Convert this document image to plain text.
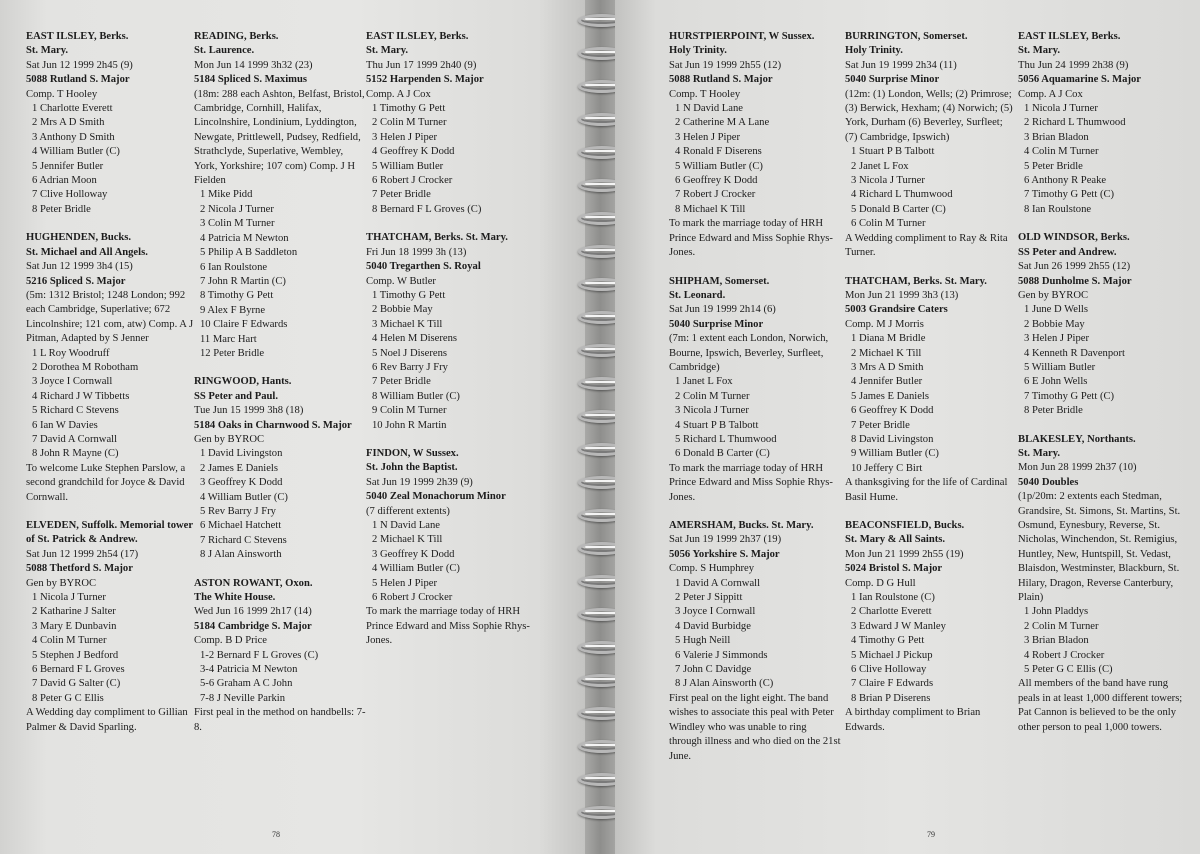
EAST ILSLEY, Berks.
St. Mary.
Sat Jun 12 1999 2h45 (9)
5088 Rutland S. Major
Comp. T Hooley
1 Charlotte Everett
2 Mrs A D Smith
3 Anthony D Smith
4 William Butler (C)
5 Jennifer Butler
6 Adrian Moon
7 Clive Holloway
8 Peter Bridle
HUGHENDEN, Bucks.
St. Michael and All Angels.
Sat Jun 12 1999 3h4 (15)
5216 Spliced S. Major
(5m: 1312 Bristol; 1248 London; 992 each Cambridge, Superlative; 672 Lincolnshire; 121 com, atw) Comp. A J Pitman, Adapted by S Jenner
1 L Roy Woodruff
2 Dorothea M Robotham
3 Joyce I Cornwall
4 Richard J W Tibbetts
5 Richard C Stevens
6 Ian W Davies
7 David A Cornwall
8 John R Mayne (C)
To welcome Luke Stephen Parslow, a second grandchild for Joyce & David Cornwall.
ELVEDEN, Suffolk. Memorial tower of St. Patrick & Andrew.
Sat Jun 12 1999 2h54 (17)
5088 Thetford S. Major
Gen by BYROC
1 Nicola J Turner
2 Katharine J Salter
3 Mary E Dunbavin
4 Colin M Turner
5 Stephen J Bedford
6 Bernard F L Groves
7 David G Salter (C)
8 Peter G C Ellis
A Wedding day compliment to Gillian Palmer & David Sparling.
READING, Berks.
St. Laurence.
Mon Jun 14 1999 3h32 (23)
5184 Spliced S. Maximus
(18m: 288 each Ashton, Belfast, Bristol, Cambridge, Cornhill, Halifax, Lincolnshire, Londinium, Lyddington, Newgate, Prittlewell, Pudsey, Redfield, Strathclyde, Superlative, Wembley, York, Yorkshire; 107 com) Comp. J H Fielden
1 Mike Pidd
2 Nicola J Turner
3 Colin M Turner
4 Patricia M Newton
5 Philip A B Saddleton
6 Ian Roulstone
7 John R Martin (C)
8 Timothy G Pett
9 Alex F Byrne
10 Claire F Edwards
11 Marc Hart
12 Peter Bridle
RINGWOOD, Hants.
SS Peter and Paul.
Tue Jun 15 1999 3h8 (18)
5184 Oaks in Charnwood S. Major
Gen by BYROC
1 David Livingston
2 James E Daniels
3 Geoffrey K Dodd
4 William Butler (C)
5 Rev Barry J Fry
6 Michael Hatchett
7 Richard C Stevens
8 J Alan Ainsworth
ASTON ROWANT, Oxon.
The White House.
Wed Jun 16 1999 2h17 (14)
5184 Cambridge S. Major
Comp. B D Price
1-2 Bernard F L Groves (C)
3-4 Patricia M Newton
5-6 Graham A C John
7-8 J Neville Parkin
First peal in the method on handbells: 7-8.
EAST ILSLEY, Berks.
St. Mary.
Thu Jun 17 1999 2h40 (9)
5152 Harpenden S. Major
Comp. A J Cox
1 Timothy G Pett
2 Colin M Turner
3 Helen J Piper
4 Geoffrey K Dodd
5 William Butler
6 Robert J Crocker
7 Peter Bridle
8 Bernard F L Groves (C)
THATCHAM, Berks. St. Mary.
Fri Jun 18 1999 3h (13)
5040 Tregarthen S. Royal
Comp. W Butler
1 Timothy G Pett
2 Bobbie May
3 Michael K Till
4 Helen M Diserens
5 Noel J Diserens
6 Rev Barry J Fry
7 Peter Bridle
8 William Butler (C)
9 Colin M Turner
10 John R Martin
FINDON, W Sussex.
St. John the Baptist.
Sat Jun 19 1999 2h39 (9)
5040 Zeal Monachorum Minor
(7 different extents)
1 N David Lane
2 Michael K Till
3 Geoffrey K Dodd
4 William Butler (C)
5 Helen J Piper
6 Robert J Crocker
To mark the marriage today of HRH Prince Edward and Miss Sophie Rhys-Jones.
78
HURSTPIERPOINT, W Sussex.
Holy Trinity.
Sat Jun 19 1999 2h55 (12)
5088 Rutland S. Major
Comp. T Hooley
1 N David Lane
2 Catherine M A Lane
3 Helen J Piper
4 Ronald F Diserens
5 William Butler (C)
6 Geoffrey K Dodd
7 Robert J Crocker
8 Michael K Till
To mark the marriage today of HRH Prince Edward and Miss Sophie Rhys-Jones.
SHIPHAM, Somerset.
St. Leonard.
Sat Jun 19 1999 2h14 (6)
5040 Surprise Minor
(7m: 1 extent each London, Norwich, Bourne, Ipswich, Beverley, Surfleet, Cambridge)
1 Janet L Fox
2 Colin M Turner
3 Nicola J Turner
4 Stuart P B Talbott
5 Richard L Thumwood
6 Donald B Carter (C)
To mark the marriage today of HRH Prince Edward and Miss Sophie Rhys-Jones.
AMERSHAM, Bucks. St. Mary.
Sat Jun 19 1999 2h37 (19)
5056 Yorkshire S. Major
Comp. S Humphrey
1 David A Cornwall
2 Peter J Sippitt
3 Joyce I Cornwall
4 David Burbidge
5 Hugh Neill
6 Valerie J Simmonds
7 John C Davidge
8 J Alan Ainsworth (C)
First peal on the light eight. The band wishes to associate this peal with Peter Windley who was unable to ring through illness and who died on the 21st June.
BURRINGTON, Somerset.
Holy Trinity.
Sat Jun 19 1999 2h34 (11)
5040 Surprise Minor
(12m: (1) London, Wells; (2) Primrose; (3) Berwick, Hexham; (4) Norwich; (5) York, Durham (6) Beverley, Surfleet; (7) Cambridge, Ipswich)
1 Stuart P B Talbott
2 Janet L Fox
3 Nicola J Turner
4 Richard L Thumwood
5 Donald B Carter (C)
6 Colin M Turner
A Wedding compliment to Ray & Rita Turner.
THATCHAM, Berks. St. Mary.
Mon Jun 21 1999 3h3 (13)
5003 Grandsire Caters
Comp. M J Morris
1 Diana M Bridle
2 Michael K Till
3 Mrs A D Smith
4 Jennifer Butler
5 James E Daniels
6 Geoffrey K Dodd
7 Peter Bridle
8 David Livingston
9 William Butler (C)
10 Jeffery C Birt
A thanksgiving for the life of Cardinal Basil Hume.
BEACONSFIELD, Bucks.
St. Mary & All Saints.
Mon Jun 21 1999 2h55 (19)
5024 Bristol S. Major
Comp. D G Hull
1 Ian Roulstone (C)
2 Charlotte Everett
3 Edward J W Manley
4 Timothy G Pett
5 Michael J Pickup
6 Clive Holloway
7 Claire F Edwards
8 Brian P Diserens
A birthday compliment to Brian Edwards.
EAST ILSLEY, Berks.
St. Mary.
Thu Jun 24 1999 2h38 (9)
5056 Aquamarine S. Major
Comp. A J Cox
1 Nicola J Turner
2 Richard L Thumwood
3 Brian Bladon
4 Colin M Turner
5 Peter Bridle
6 Anthony R Peake
7 Timothy G Pett (C)
8 Ian Roulstone
OLD WINDSOR, Berks.
SS Peter and Andrew.
Sat Jun 26 1999 2h55 (12)
5088 Dunholme S. Major
Gen by BYROC
1 June D Wells
2 Bobbie May
3 Helen J Piper
4 Kenneth R Davenport
5 William Butler
6 E John Wells
7 Timothy G Pett (C)
8 Peter Bridle
BLAKESLEY, Northants.
St. Mary.
Mon Jun 28 1999 2h37 (10)
5040 Doubles
(1p/20m: 2 extents each Stedman, Grandsire, St. Simons, St. Martins, St. Osmund, Eynesbury, Reverse, St. Nicholas, Winchendon, St. Remigius, Huntley, New, Huntspill, St. Vedast, Blaisdon, Westminster, Blackburn, St. Hilary, Dragon, Reverse Canterbury, Plain)
1 John Pladdys
2 Colin M Turner
3 Brian Bladon
4 Robert J Crocker
5 Peter G C Ellis (C)
All members of the band have rung peals in at least 1,000 different towers; Pat Cannon is believed to be the only other person to peal 1,000 towers.
79
